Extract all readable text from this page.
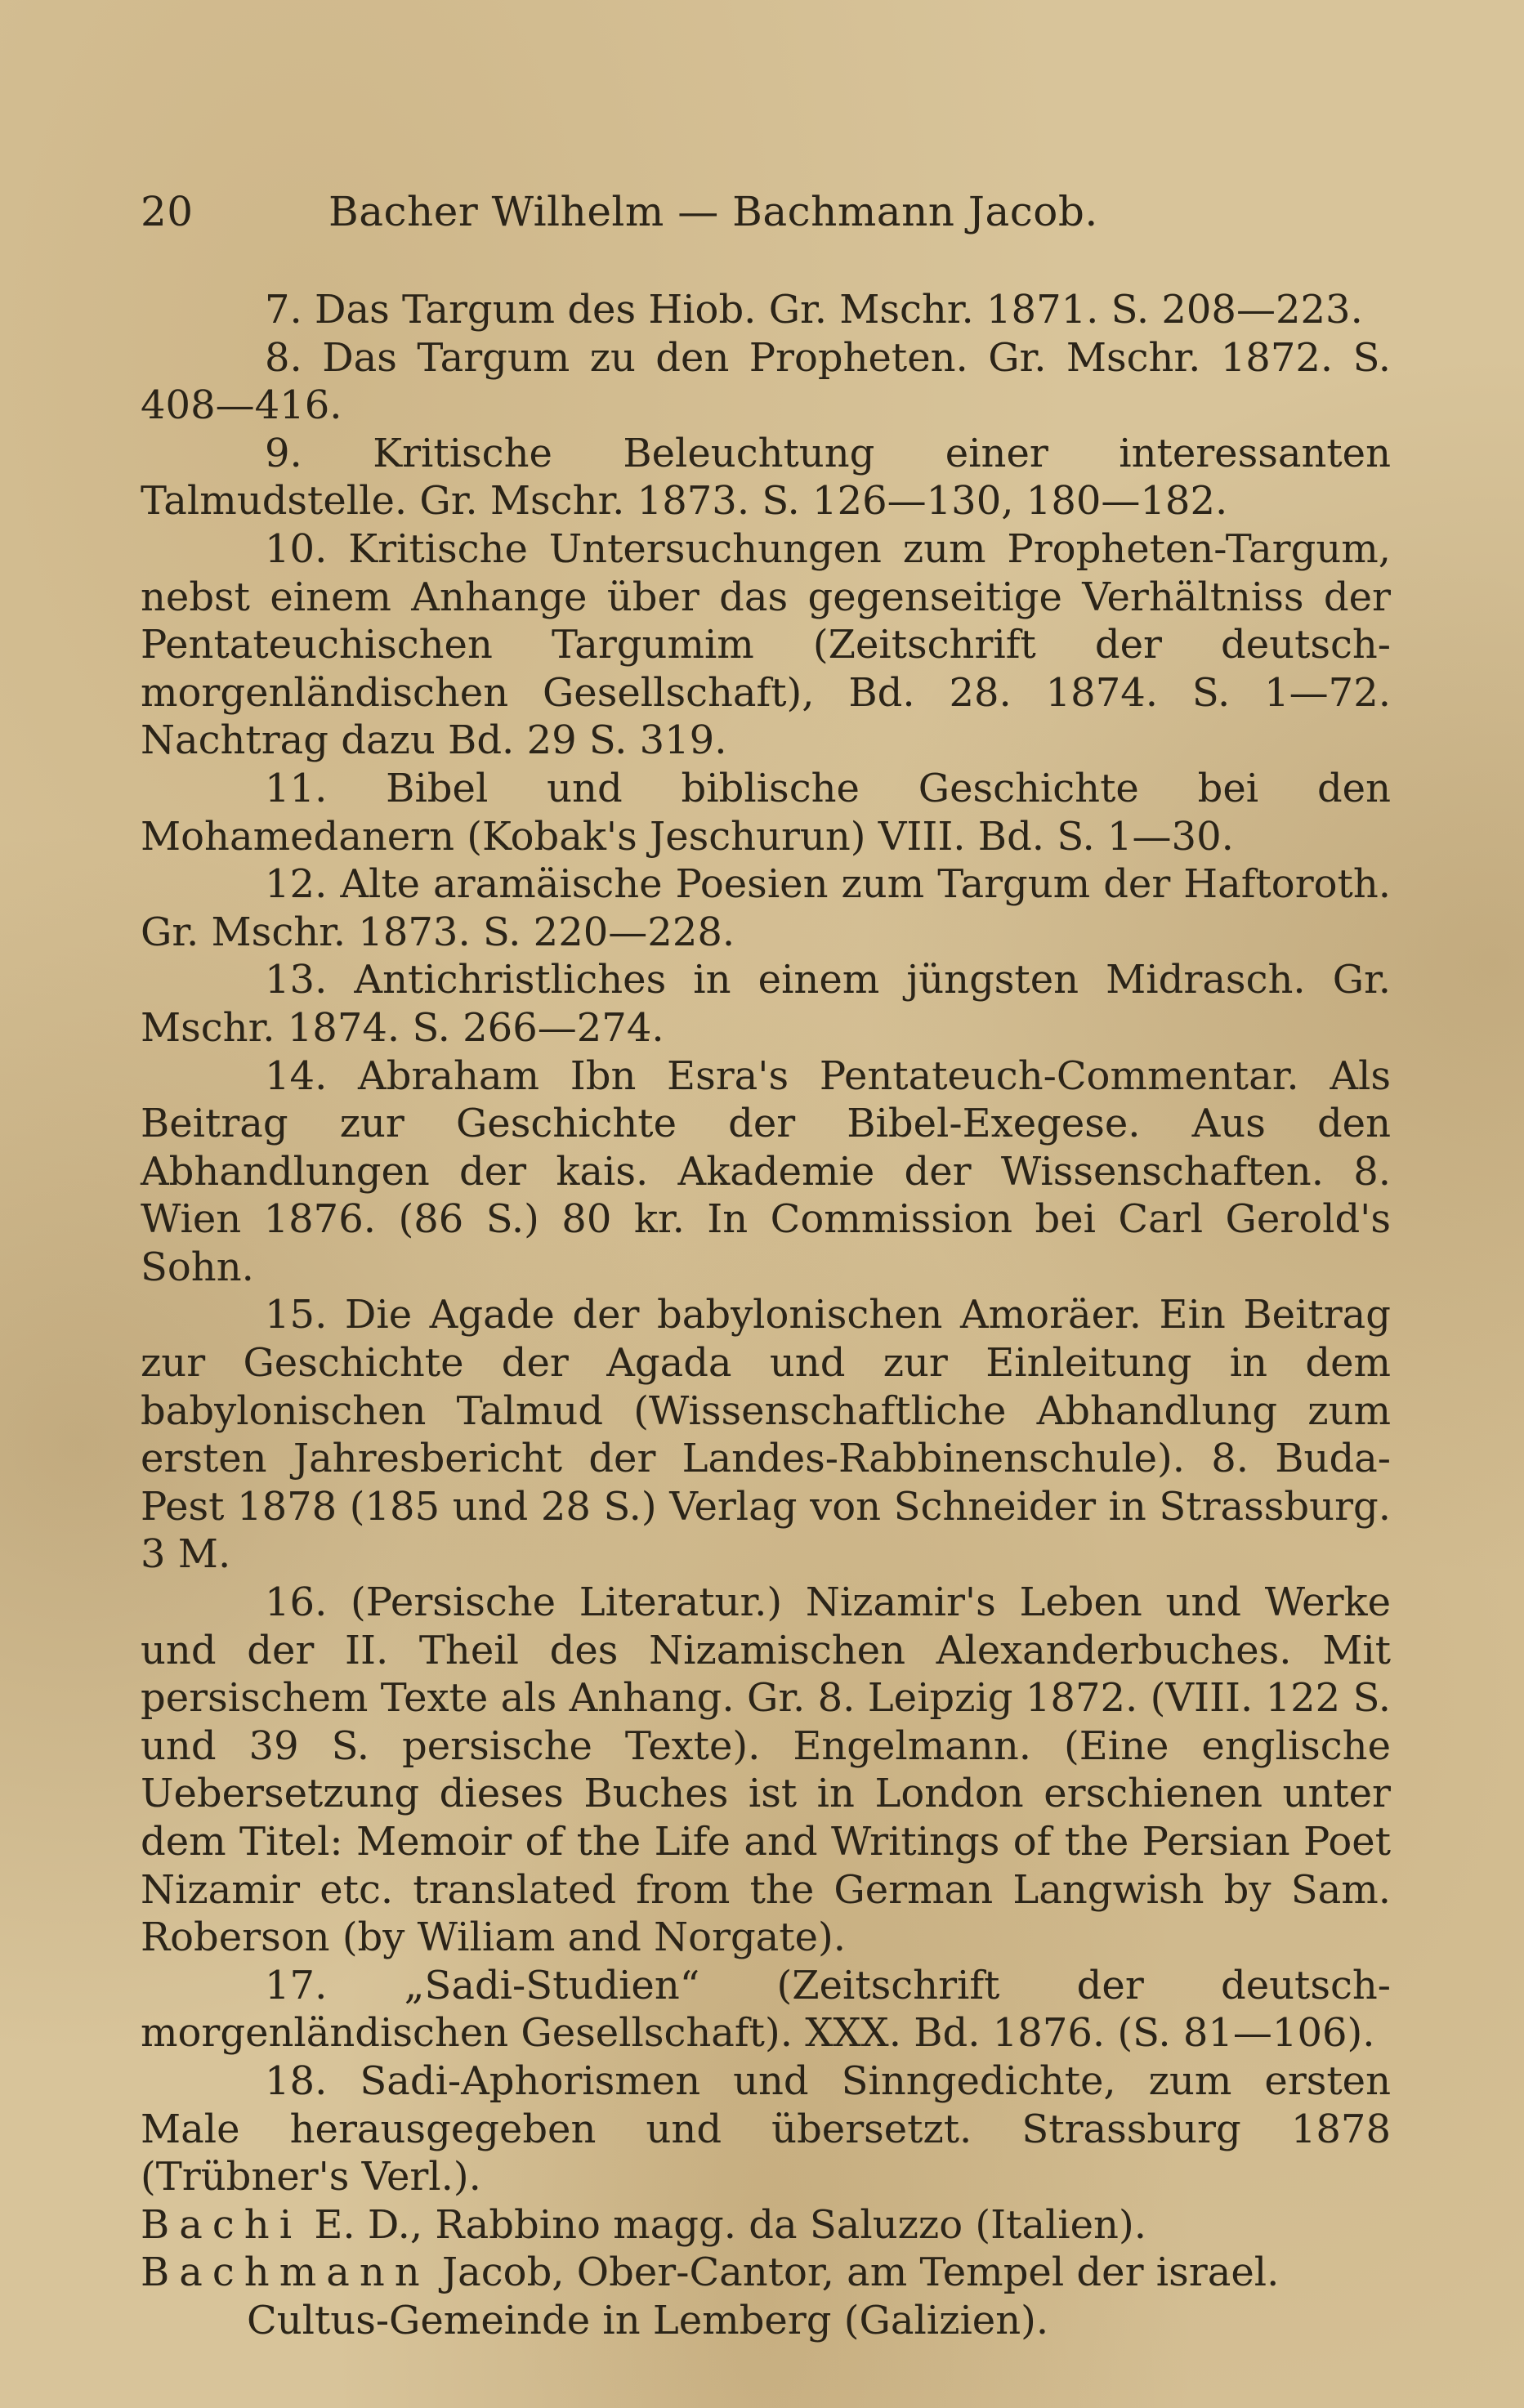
20	Bacher Wilhelm — Bachmann Jacob.

7. Das Targum des Hiob. Gr. Mschr. 1871. S. 208—223.

8. Das Targum zu den Propheten. Gr. Mschr. 1872. S. 408—416.

9. Kritische Beleuchtung einer interessanten Talmudstelle. Gr. Mschr. 1873. S. 126—130, 180—182.

10. Kritische Untersuchungen zum Propheten-Targum, nebst einem Anhange über das gegenseitige Verhältniss der Pentateuchischen Targumim (Zeitschrift der deutsch-morgenländischen Gesellschaft), Bd. 28. 1874. S. 1—72. Nachtrag dazu Bd. 29 S. 319.

11. Bibel und biblische Geschichte bei den Mohamedanern (Kobak's Jeschurun) VIII. Bd. S. 1—30.

12. Alte aramäische Poesien zum Targum der Haftoroth. Gr. Mschr. 1873. S. 220—228.

13. Antichristliches in einem jüngsten Midrasch. Gr. Mschr. 1874. S. 266—274.

14. Abraham Ibn Esra's Pentateuch-Commentar. Als Beitrag zur Geschichte der Bibel-Exegese. Aus den Abhandlungen der kais. Akademie der Wissenschaften. 8. Wien 1876. (86 S.) 80 kr. In Commission bei Carl Gerold's Sohn.

15. Die Agade der babylonischen Amoräer. Ein Beitrag zur Geschichte der Agada und zur Einleitung in dem babylonischen Talmud (Wissenschaftliche Abhandlung zum ersten Jahresbericht der Landes-Rabbinenschule). 8. Buda-Pest 1878 (185 und 28 S.) Verlag von Schneider in Strassburg. 3 M.

16. (Persische Literatur.) Nizamir's Leben und Werke und der II. Theil des Nizamischen Alexanderbuches. Mit persischem Texte als Anhang. Gr. 8. Leipzig 1872. (VIII. 122 S. und 39 S. persische Texte). Engelmann. (Eine englische Uebersetzung dieses Buches ist in London erschienen unter dem Titel: Memoir of the Life and Writings of the Persian Poet Nizamir etc. translated from the German Langwish by Sam. Roberson (by Wiliam and Norgate).

17. „Sadi-Studien“ (Zeitschrift der deutsch-morgenländischen Gesellschaft). XXX. Bd. 1876. (S. 81—106).

18. Sadi-Aphorismen und Sinngedichte, zum ersten Male herausgegeben und übersetzt. Strassburg 1878 (Trübner's Verl.).

Bachi E. D., Rabbino magg. da Saluzzo (Italien).

Bachmann Jacob, Ober-Cantor, am Tempel der israel.
Cultus-Gemeinde in Lemberg (Galizien).
